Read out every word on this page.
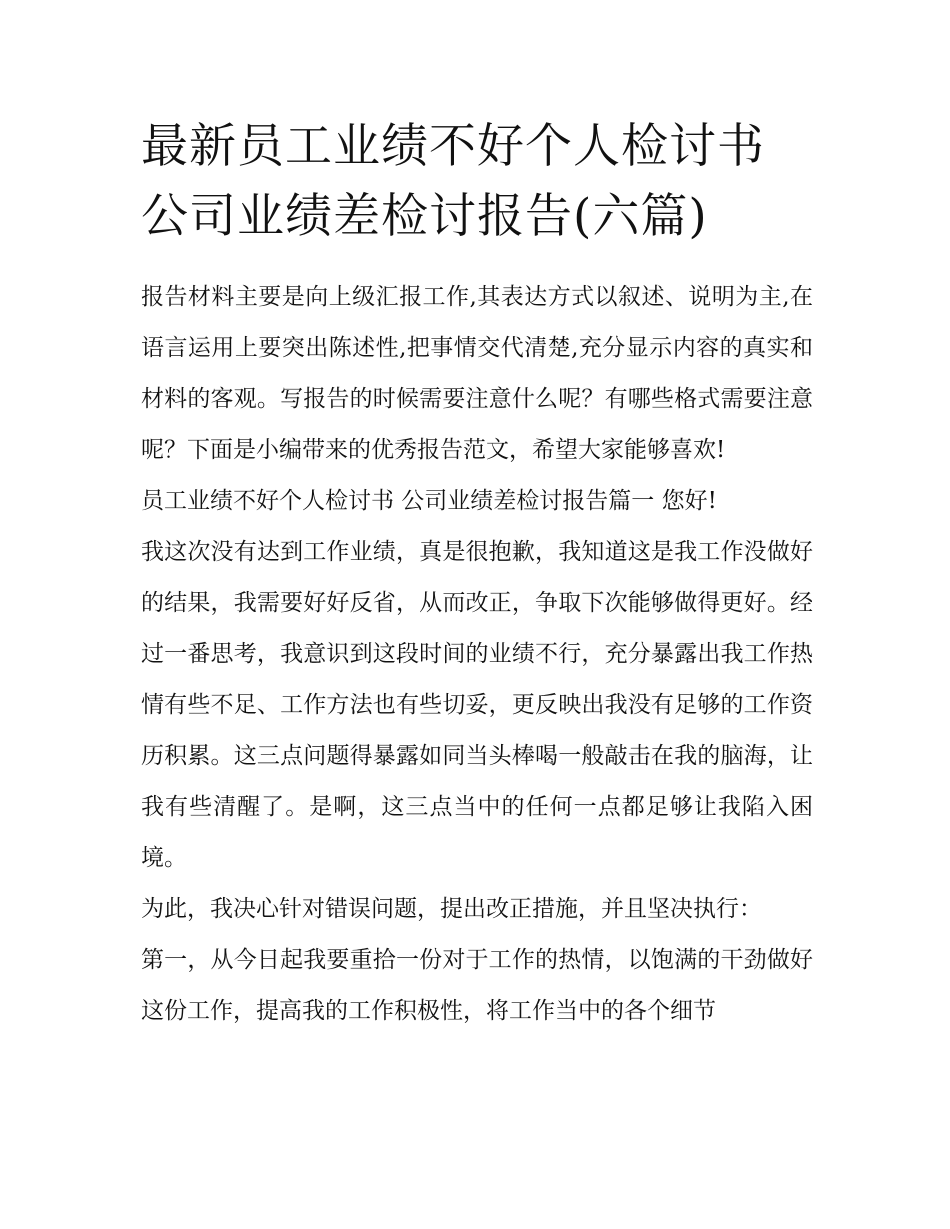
最新员工业绩不好个人检讨书
公司业绩差检讨报告(六篇)

报告材料主要是向上级汇报工作,其表达方式以叙述、说明为主,在语言运用上要突出陈述性,把事情交代清楚,充分显示内容的真实和材料的客观。写报告的时候需要注意什么呢？有哪些格式需要注意呢？下面是小编带来的优秀报告范文，希望大家能够喜欢!

员工业绩不好个人检讨书 公司业绩差检讨报告篇一 您好!

我这次没有达到工作业绩，真是很抱歉，我知道这是我工作没做好的结果，我需要好好反省，从而改正，争取下次能够做得更好。经过一番思考，我意识到这段时间的业绩不行，充分暴露出我工作热情有些不足、工作方法也有些切妥，更反映出我没有足够的工作资历积累。这三点问题得暴露如同当头棒喝一般敲击在我的脑海，让我有些清醒了。是啊，这三点当中的任何一点都足够让我陷入困境。

为此，我决心针对错误问题，提出改正措施，并且坚决执行：

第一，从今日起我要重拾一份对于工作的热情，以饱满的干劲做好这份工作，提高我的工作积极性，将工作当中的各个细节
